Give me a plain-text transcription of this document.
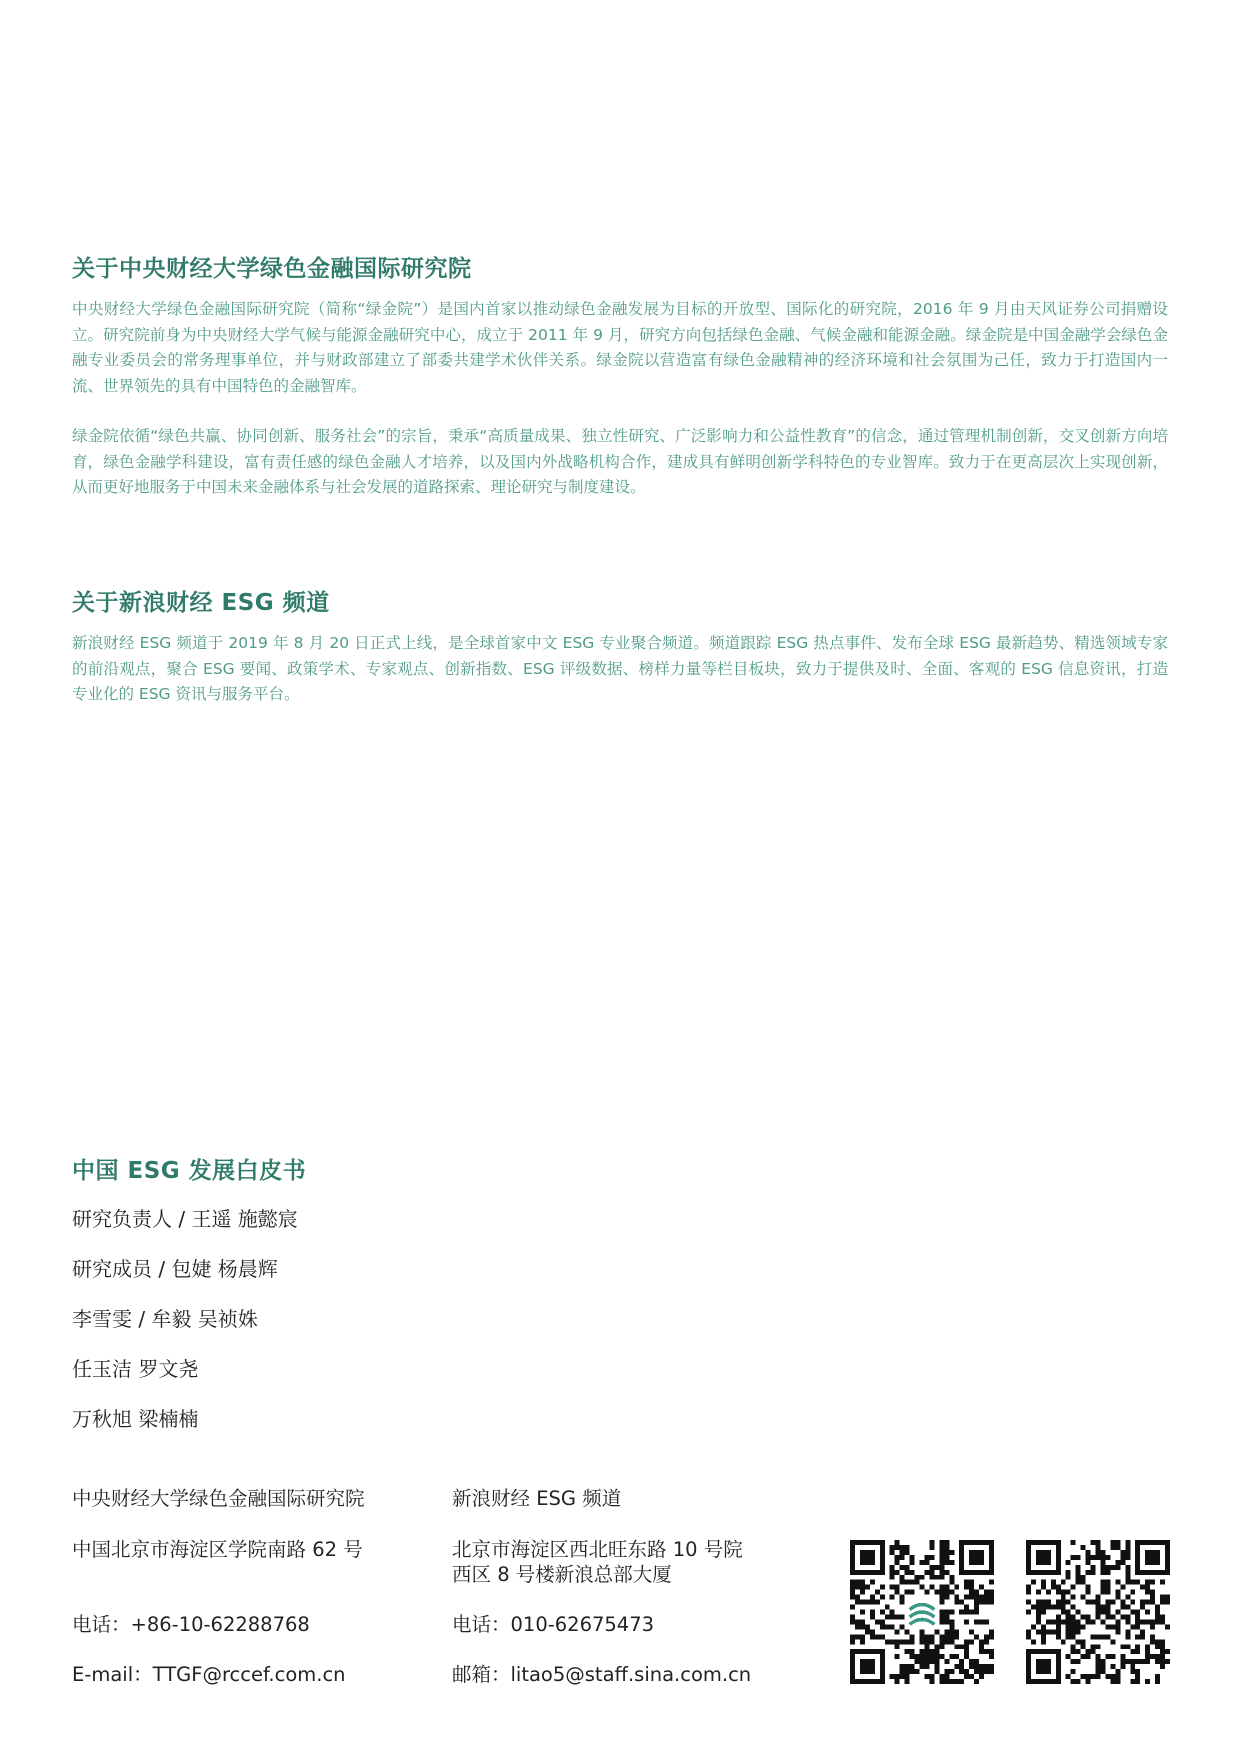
关于中央财经大学绿色金融国际研究院

中央财经大学绿色金融国际研究院（简称“绿金院”）是国内首家以推动绿色金融发展为目标的开放型、国际化的研究院，2016 年 9 月由天风证券公司捐赠设立。研究院前身为中央财经大学气候与能源金融研究中心，成立于 2011 年 9 月，研究方向包括绿色金融、气候金融和能源金融。绿金院是中国金融学会绿色金融专业委员会的常务理事单位，并与财政部建立了部委共建学术伙伴关系。绿金院以营造富有绿色金融精神的经济环境和社会氛围为己任，致力于打造国内一流、世界领先的具有中国特色的金融智库。

绿金院依循“绿色共赢、协同创新、服务社会”的宗旨，秉承“高质量成果、独立性研究、广泛影响力和公益性教育”的信念，通过管理机制创新，交叉创新方向培育，绿色金融学科建设，富有责任感的绿色金融人才培养，以及国内外战略机构合作，建成具有鲜明创新学科特色的专业智库。致力于在更高层次上实现创新，从而更好地服务于中国未来金融体系与社会发展的道路探索、理论研究与制度建设。

关于新浪财经 ESG 频道

新浪财经 ESG 频道于 2019 年 8 月 20 日正式上线，是全球首家中文 ESG 专业聚合频道。频道跟踪 ESG 热点事件、发布全球 ESG 最新趋势、精选领域专家的前沿观点，聚合 ESG 要闻、政策学术、专家观点、创新指数、ESG 评级数据、榜样力量等栏目板块，致力于提供及时、全面、客观的 ESG 信息资讯，打造专业化的 ESG 资讯与服务平台。

中国 ESG 发展白皮书

研究负责人 / 王遥 施懿宸

研究成员 / 包婕 杨晨辉

李雪雯 / 牟毅 吴祯姝

任玉洁 罗文尧

万秋旭 梁楠楠

中央财经大学绿色金融国际研究院

中国北京市海淀区学院南路 62 号

电话：+86-10-62288768

E-mail：TTGF@rccef.com.cn

新浪财经 ESG 频道

北京市海淀区西北旺东路 10 号院

西区 8 号楼新浪总部大厦

电话：010-62675473

邮箱：litao5@staff.sina.com.cn
